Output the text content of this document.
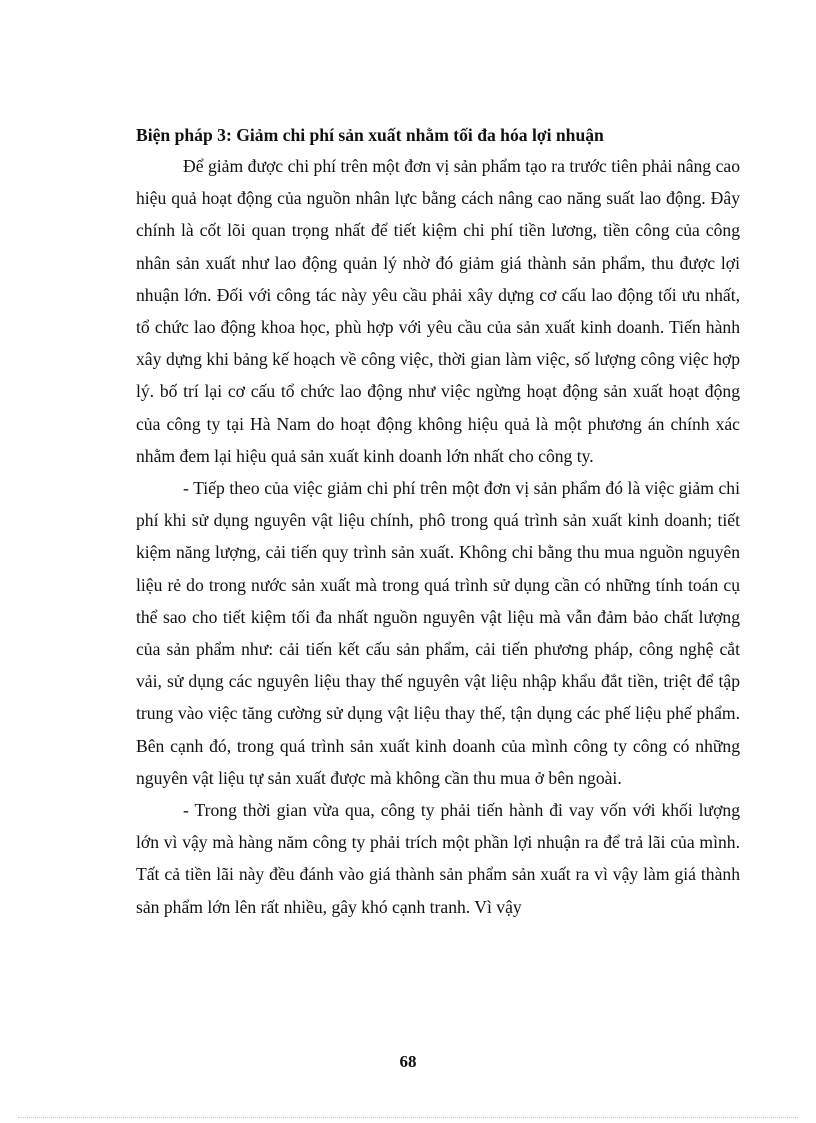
Biện pháp 3: Giảm chi phí sản xuất nhằm tối đa hóa lợi nhuận

Để giảm được chi phí trên một đơn vị sản phẩm tạo ra trước tiên phải nâng cao hiệu quả hoạt động của nguồn nhân lực bằng cách nâng cao năng suất lao động. Đây chính là cốt lõi quan trọng nhất để tiết kiệm chi phí tiền lương, tiền công của công nhân sản xuất như lao động quản lý nhờ đó giảm giá thành sản phẩm, thu được lợi nhuận lớn. Đối với công tác này yêu cầu phải xây dựng cơ cấu lao động tối ưu nhất, tổ chức lao động khoa học, phù hợp với yêu cầu của sản xuất kinh doanh. Tiến hành xây dựng khi bảng kế hoạch về công việc, thời gian làm việc, số lượng công việc hợp lý. bố trí lại cơ cấu tổ chức lao động như việc ngừng hoạt động sản xuất hoạt động của công ty tại Hà Nam do hoạt động không hiệu quả là một phương án chính xác nhằm đem lại hiệu quả sản xuất kinh doanh lớn nhất cho công ty.

- Tiếp theo của việc giảm chi phí trên một đơn vị sản phẩm đó là việc giảm chi phí khi sử dụng nguyên vật liệu chính, phô trong quá trình sản xuất kinh doanh; tiết kiệm năng lượng, cải tiến quy trình sản xuất. Không chỉ bằng thu mua nguồn nguyên liệu rẻ do trong nước sản xuất mà trong quá trình sử dụng cần có những tính toán cụ thể sao cho tiết kiệm tối đa nhất nguồn nguyên vật liệu mà vẫn đảm bảo chất lượng của sản phẩm như: cải tiến kết cấu sản phẩm, cải tiến phương pháp, công nghệ cắt vải, sử dụng các nguyên liệu thay thế nguyên vật liệu nhập khẩu đắt tiền, triệt để tập trung vào việc tăng cường sử dụng vật liệu thay thế, tận dụng các phế liệu phế phẩm. Bên cạnh đó, trong quá trình sản xuất kinh doanh của mình công ty công có những nguyên vật liệu tự sản xuất được mà không cần thu mua ở bên ngoài.

- Trong thời gian vừa qua, công ty phải tiến hành đi vay vốn với khối lượng lớn vì vậy mà hàng năm công ty phải trích một phần lợi nhuận ra để trả lãi của mình. Tất cả tiền lãi này đều đánh vào giá thành sản phẩm sản xuất ra vì vậy làm giá thành sản phẩm lớn lên rất nhiều, gây khó cạnh tranh. Vì vậy

68
